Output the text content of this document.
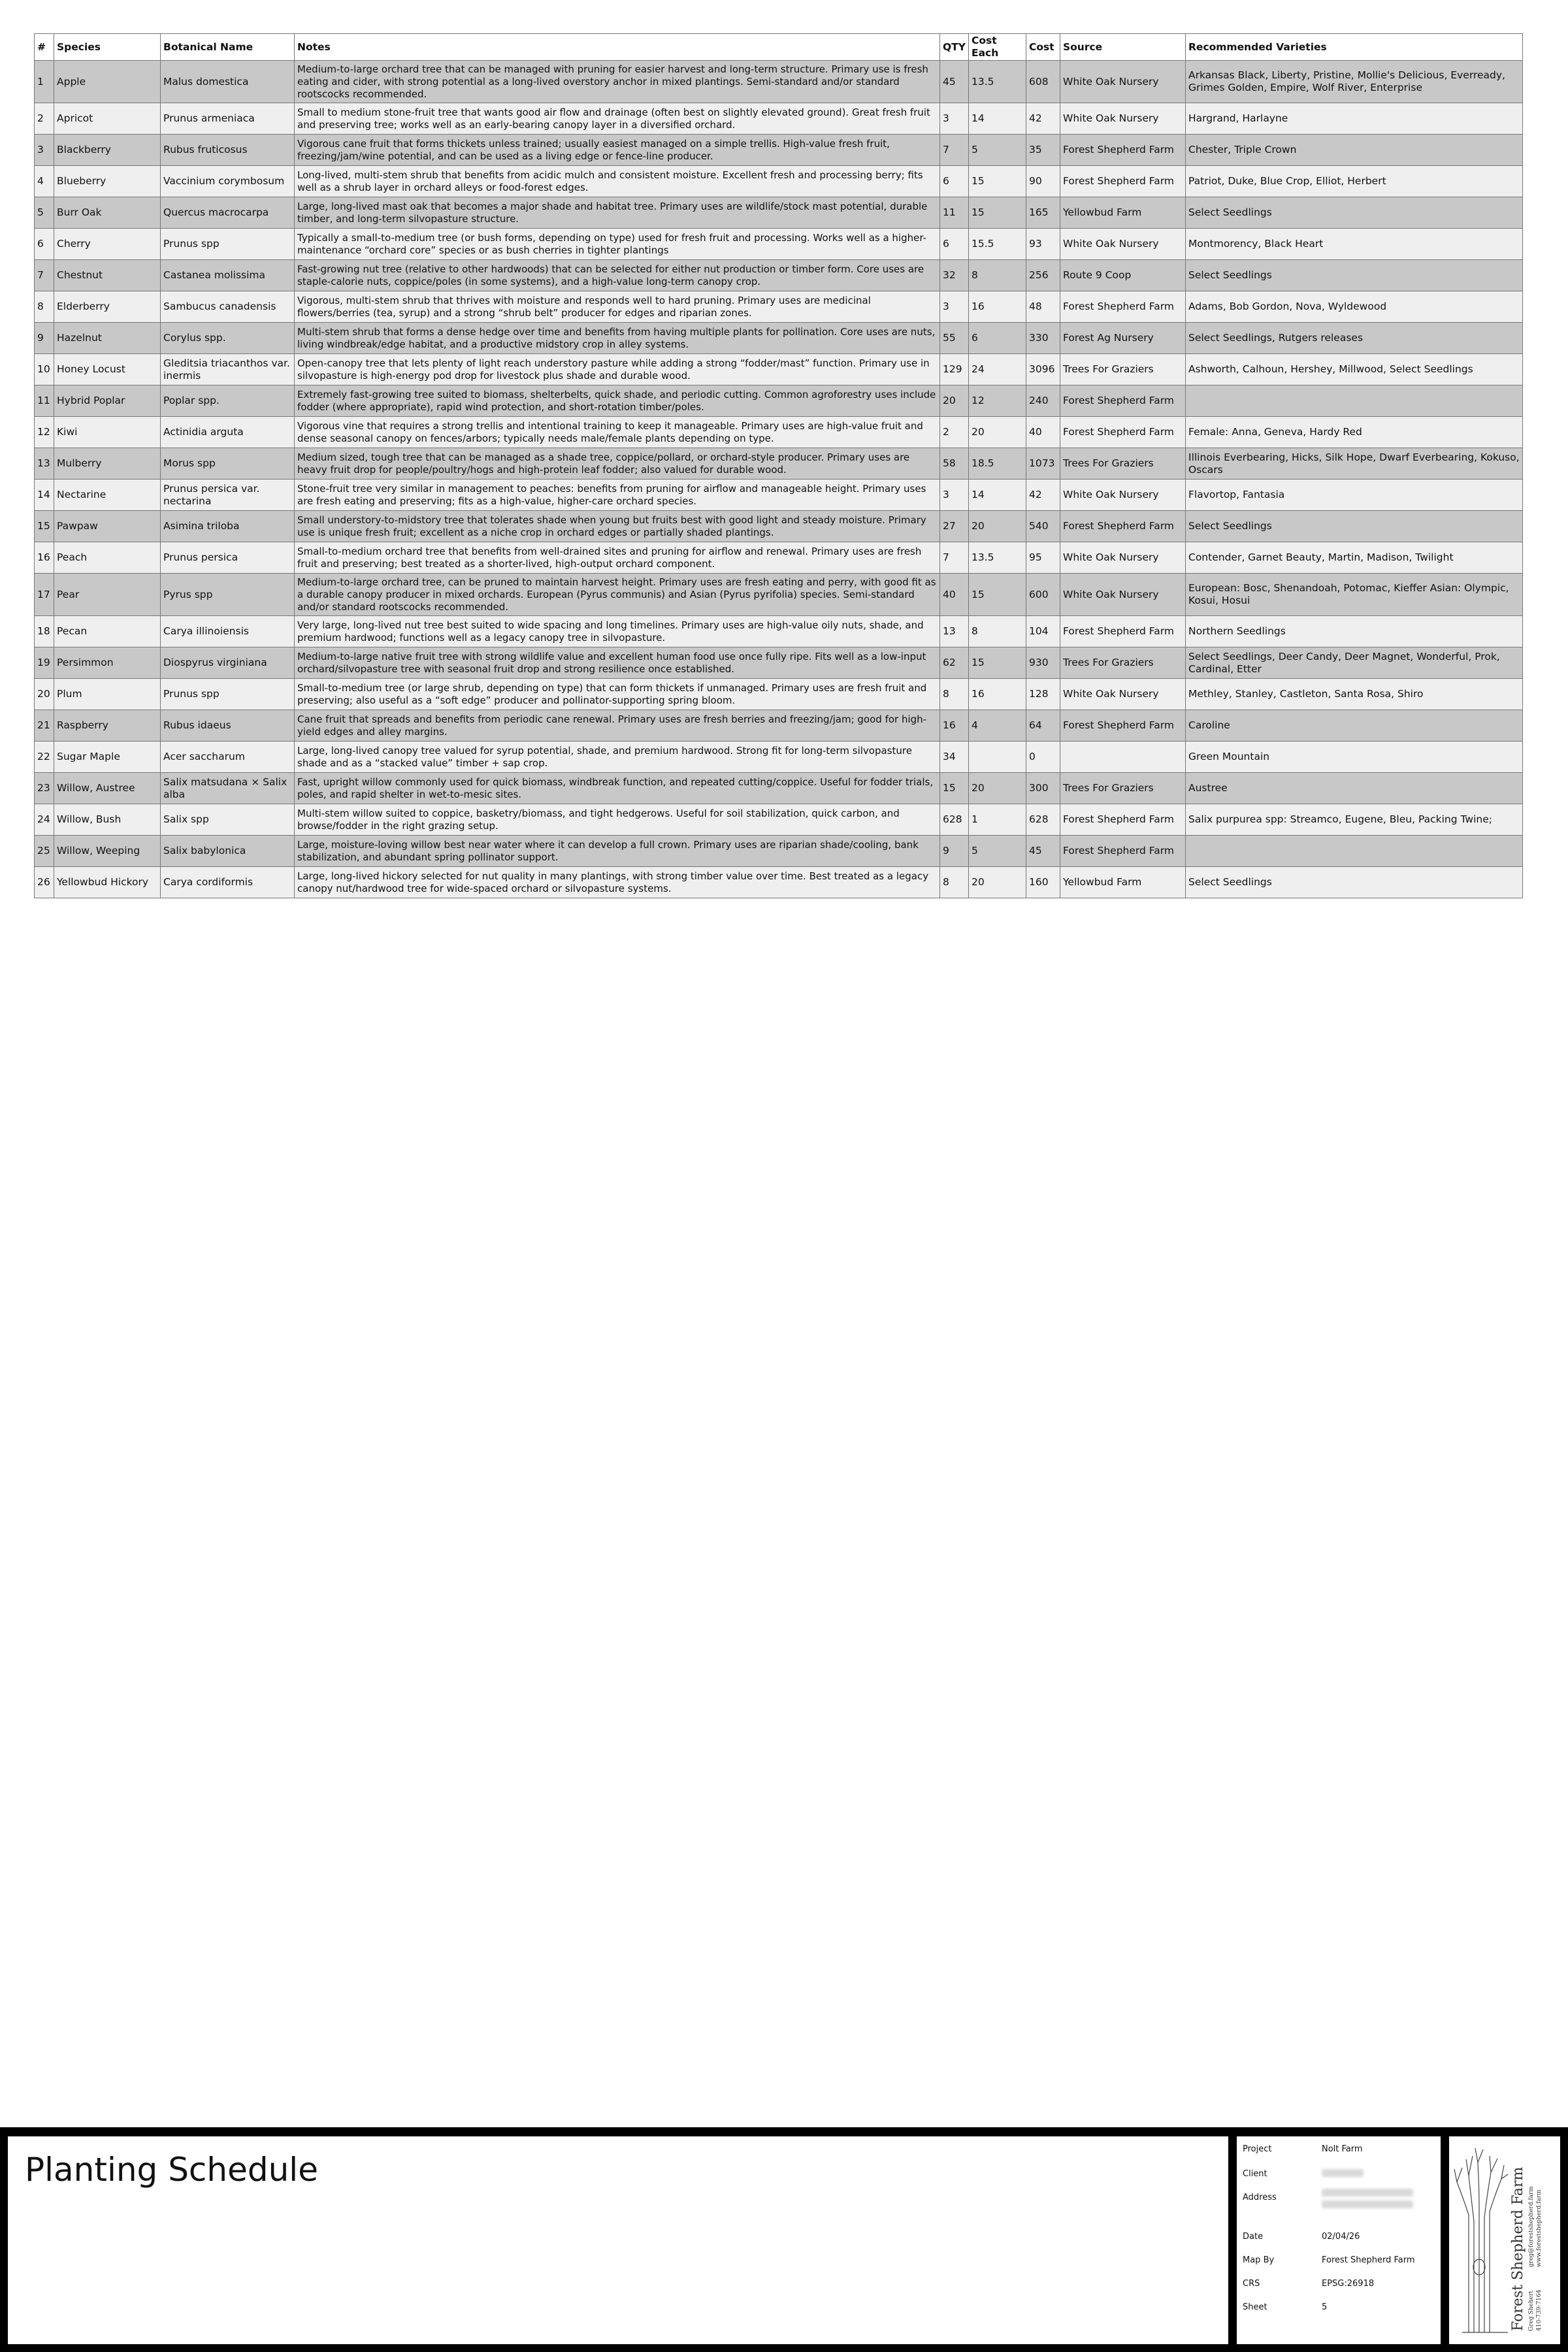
#	Species	Botanical Name	Notes	QTY	Cost Each	Cost	Source	Recommended Varieties
1	Apple	Malus domestica	Medium-to-large orchard tree that can be managed with pruning for easier harvest and long-term structure. Primary use is fresh eating and cider, with strong potential as a long-lived overstory anchor in mixed plantings. Semi-standard and/or standard rootscocks recommended.	45	13.5	608	White Oak Nursery	Arkansas Black, Liberty, Pristine, Mollie's Delicious, Everready, Grimes Golden, Empire, Wolf River, Enterprise
2	Apricot	Prunus armeniaca	Small to medium stone-fruit tree that wants good air flow and drainage (often best on slightly elevated ground). Great fresh fruit and preserving tree; works well as an early-bearing canopy layer in a diversified orchard.	3	14	42	White Oak Nursery	Hargrand, Harlayne
3	Blackberry	Rubus fruticosus	Vigorous cane fruit that forms thickets unless trained; usually easiest managed on a simple trellis. High-value fresh fruit, freezing/jam/wine potential, and can be used as a living edge or fence-line producer.	7	5	35	Forest Shepherd Farm	Chester, Triple Crown
4	Blueberry	Vaccinium corymbosum	Long-lived, multi-stem shrub that benefits from acidic mulch and consistent moisture. Excellent fresh and processing berry; fits well as a shrub layer in orchard alleys or food-forest edges.	6	15	90	Forest Shepherd Farm	Patriot, Duke, Blue Crop, Elliot, Herbert
5	Burr Oak	Quercus macrocarpa	Large, long-lived mast oak that becomes a major shade and habitat tree. Primary uses are wildlife/stock mast potential, durable timber, and long-term silvopasture structure.	11	15	165	Yellowbud Farm	Select Seedlings
6	Cherry	Prunus spp	Typically a small-to-medium tree (or bush forms, depending on type) used for fresh fruit and processing. Works well as a higher-maintenance “orchard core” species or as bush cherries in tighter plantings	6	15.5	93	White Oak Nursery	Montmorency, Black Heart
7	Chestnut	Castanea molissima	Fast-growing nut tree (relative to other hardwoods) that can be selected for either nut production or timber form. Core uses are staple-calorie nuts, coppice/poles (in some systems), and a high-value long-term canopy crop.	32	8	256	Route 9 Coop	Select Seedlings
8	Elderberry	Sambucus canadensis	Vigorous, multi-stem shrub that thrives with moisture and responds well to hard pruning. Primary uses are medicinal flowers/berries (tea, syrup) and a strong “shrub belt” producer for edges and riparian zones.	3	16	48	Forest Shepherd Farm	Adams, Bob Gordon, Nova, Wyldewood
9	Hazelnut	Corylus spp.	Multi-stem shrub that forms a dense hedge over time and benefits from having multiple plants for pollination. Core uses are nuts, living windbreak/edge habitat, and a productive midstory crop in alley systems.	55	6	330	Forest Ag Nursery	Select Seedlings, Rutgers releases
10	Honey Locust	Gleditsia triacanthos var. inermis	Open-canopy tree that lets plenty of light reach understory pasture while adding a strong “fodder/mast” function. Primary use in silvopasture is high-energy pod drop for livestock plus shade and durable wood.	129	24	3096	Trees For Graziers	Ashworth, Calhoun, Hershey, Millwood, Select Seedlings
11	Hybrid Poplar	Poplar spp.	Extremely fast-growing tree suited to biomass, shelterbelts, quick shade, and periodic cutting. Common agroforestry uses include fodder (where appropriate), rapid wind protection, and short-rotation timber/poles.	20	12	240	Forest Shepherd Farm	
12	Kiwi	Actinidia arguta	Vigorous vine that requires a strong trellis and intentional training to keep it manageable. Primary uses are high-value fruit and dense seasonal canopy on fences/arbors; typically needs male/female plants depending on type.	2	20	40	Forest Shepherd Farm	Female: Anna, Geneva, Hardy Red
13	Mulberry	Morus spp	Medium sized, tough tree that can be managed as a shade tree, coppice/pollard, or orchard-style producer. Primary uses are heavy fruit drop for people/poultry/hogs and high-protein leaf fodder; also valued for durable wood.	58	18.5	1073	Trees For Graziers	Illinois Everbearing, Hicks, Silk Hope, Dwarf Everbearing, Kokuso, Oscars
14	Nectarine	Prunus persica var. nectarina	Stone-fruit tree very similar in management to peaches: benefits from pruning for airflow and manageable height. Primary uses are fresh eating and preserving; fits as a high-value, higher-care orchard species.	3	14	42	White Oak Nursery	Flavortop, Fantasia
15	Pawpaw	Asimina triloba	Small understory-to-midstory tree that tolerates shade when young but fruits best with good light and steady moisture. Primary use is unique fresh fruit; excellent as a niche crop in orchard edges or partially shaded plantings.	27	20	540	Forest Shepherd Farm	Select Seedlings
16	Peach	Prunus persica	Small-to-medium orchard tree that benefits from well-drained sites and pruning for airflow and renewal. Primary uses are fresh fruit and preserving; best treated as a shorter-lived, high-output orchard component.	7	13.5	95	White Oak Nursery	Contender, Garnet Beauty, Martin, Madison, Twilight
17	Pear	Pyrus spp	Medium-to-large orchard tree, can be pruned to maintain harvest height. Primary uses are fresh eating and perry, with good fit as a durable canopy producer in mixed orchards. European (Pyrus communis) and Asian (Pyrus pyrifolia) species. Semi-standard and/or standard rootscocks recommended.	40	15	600	White Oak Nursery	European: Bosc, Shenandoah, Potomac, Kieffer Asian: Olympic, Kosui, Hosui
18	Pecan	Carya illinoiensis	Very large, long-lived nut tree best suited to wide spacing and long timelines. Primary uses are high-value oily nuts, shade, and premium hardwood; functions well as a legacy canopy tree in silvopasture.	13	8	104	Forest Shepherd Farm	Northern Seedlings
19	Persimmon	Diospyrus virginiana	Medium-to-large native fruit tree with strong wildlife value and excellent human food use once fully ripe. Fits well as a low-input orchard/silvopasture tree with seasonal fruit drop and strong resilience once established.	62	15	930	Trees For Graziers	Select Seedlings, Deer Candy, Deer Magnet, Wonderful, Prok, Cardinal, Etter
20	Plum	Prunus spp	Small-to-medium tree (or large shrub, depending on type) that can form thickets if unmanaged. Primary uses are fresh fruit and preserving; also useful as a “soft edge” producer and pollinator-supporting spring bloom.	8	16	128	White Oak Nursery	Methley, Stanley, Castleton, Santa Rosa, Shiro
21	Raspberry	Rubus idaeus	Cane fruit that spreads and benefits from periodic cane renewal. Primary uses are fresh berries and freezing/jam; good for high-yield edges and alley margins.	16	4	64	Forest Shepherd Farm	Caroline
22	Sugar Maple	Acer saccharum	Large, long-lived canopy tree valued for syrup potential, shade, and premium hardwood. Strong fit for long-term silvopasture shade and as a “stacked value” timber + sap crop.	34		0		Green Mountain
23	Willow, Austree	Salix matsudana × Salix alba	Fast, upright willow commonly used for quick biomass, windbreak function, and repeated cutting/coppice. Useful for fodder trials, poles, and rapid shelter in wet-to-mesic sites.	15	20	300	Trees For Graziers	Austree
24	Willow, Bush	Salix spp	Multi-stem willow suited to coppice, basketry/biomass, and tight hedgerows. Useful for soil stabilization, quick carbon, and browse/fodder in the right grazing setup.	628	1	628	Forest Shepherd Farm	Salix purpurea spp: Streamco, Eugene, Bleu, Packing Twine;
25	Willow, Weeping	Salix babylonica	Large, moisture-loving willow best near water where it can develop a full crown. Primary uses are riparian shade/cooling, bank stabilization, and abundant spring pollinator support.	9	5	45	Forest Shepherd Farm	
26	Yellowbud Hickory	Carya cordiformis	Large, long-lived hickory selected for nut quality in many plantings, with strong timber value over time. Best treated as a legacy canopy nut/hardwood tree for wide-spaced orchard or silvopasture systems.	8	20	160	Yellowbud Farm	Select Seedlings
Planting Schedule
Project	Nolt Farm
Client
Address
Date	02/04/26
Map By	Forest Shepherd Farm
CRS	EPSG:26918
Sheet	5	Forest Shepherd Farm Greg Shehert 410-739-7164
greg@forestshepherd.farm www.forestshepherd.farm
